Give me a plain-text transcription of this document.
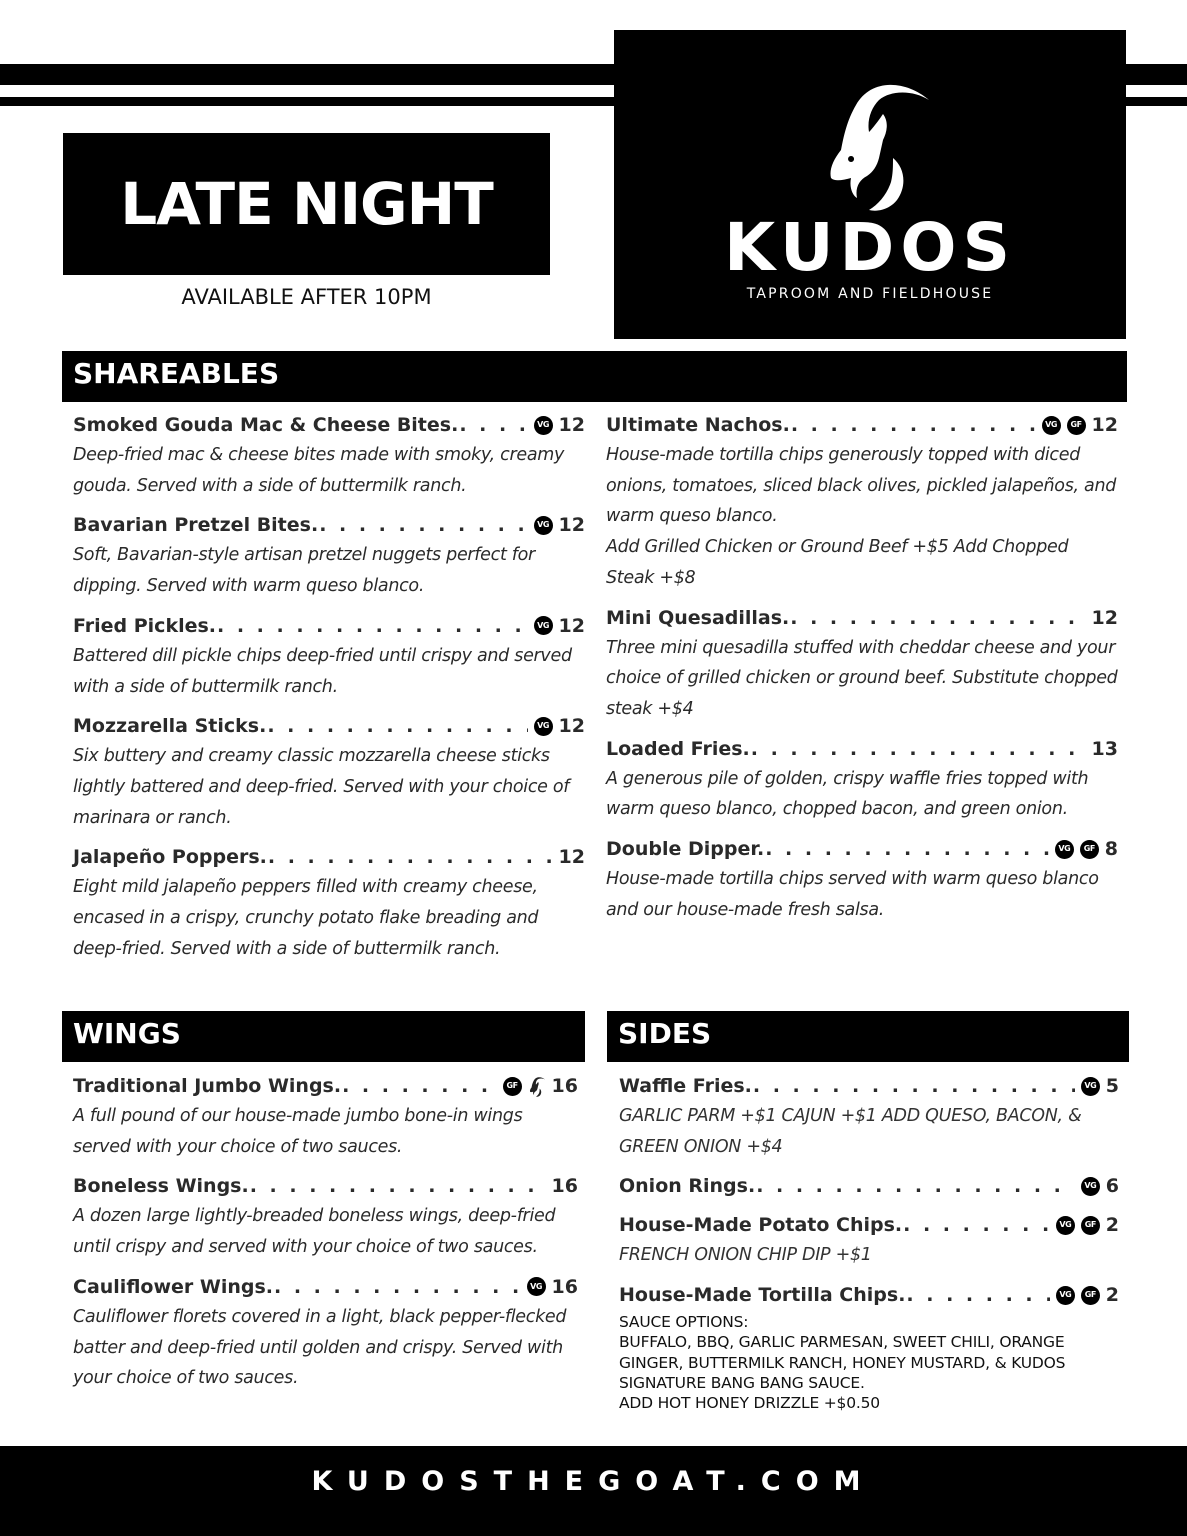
LATE NIGHT
AVAILABLE AFTER 10PM
KUDOS
TAPROOM AND FIELDHOUSE
SHAREABLES
Smoked Gouda Mac & Cheese Bites. . . .	VG 12
Deep-fried mac & cheese bites made with smoky, creamy gouda. Served with a side of buttermilk ranch.
Bavarian Pretzel Bites. . . .	VG 12
Soft, Bavarian-style artisan pretzel nuggets perfect for dipping. Served with warm queso blanco.
Fried Pickles. . . .	VG 12
Battered dill pickle chips deep-fried until crispy and served with a side of buttermilk ranch.
Mozzarella Sticks. . . .	VG 12
Six buttery and creamy classic mozzarella cheese sticks lightly battered and deep-fried. Served with your choice of marinara or ranch.
Jalapeño Poppers. . . .	12
Eight mild jalapeño peppers filled with creamy cheese, encased in a crispy, crunchy potato flake breading and deep-fried. Served with a side of buttermilk ranch.
Ultimate Nachos. . . .	VG	GF 12
House-made tortilla chips generously topped with diced onions, tomatoes, sliced black olives, pickled jalapeños, and warm queso blanco.
Add Grilled Chicken or Ground Beef +$5 Add Chopped Steak +$8
Mini Quesadillas. . . .	12
Three mini quesadilla stuffed with cheddar cheese and your choice of grilled chicken or ground beef. Substitute chopped steak +$4
Loaded Fries. . . .	13
A generous pile of golden, crispy waffle fries topped with warm queso blanco, chopped bacon, and green onion.
Double Dipper. . . .	VG	GF 8
House-made tortilla chips served with warm queso blanco and our house-made fresh salsa.
WINGS
Traditional Jumbo Wings. . . .	GF 16
A full pound of our house-made jumbo bone-in wings served with your choice of two sauces.
Boneless Wings. . . .	16
A dozen large lightly-breaded boneless wings, deep-fried until crispy and served with your choice of two sauces.
Cauliflower Wings. . . .	VG 16
Cauliflower florets covered in a light, black pepper-flecked batter and deep-fried until golden and crispy. Served with your choice of two sauces.
SIDES
Waffle Fries. . . .	VG 5
GARLIC PARM +$1 CAJUN +$1 ADD QUESO, BACON, & GREEN ONION +$4
Onion Rings. . . .	VG 6
House-Made Potato Chips. . . .	VG	GF 2
FRENCH ONION CHIP DIP +$1
House-Made Tortilla Chips. . . .	VG	GF 2
SAUCE OPTIONS:
BUFFALO, BBQ, GARLIC PARMESAN, SWEET CHILI, ORANGE GINGER, BUTTERMILK RANCH, HONEY MUSTARD, & KUDOS SIGNATURE BANG BANG SAUCE.
ADD HOT HONEY DRIZZLE +$0.50
KUDOSTHEGOAT.COM
